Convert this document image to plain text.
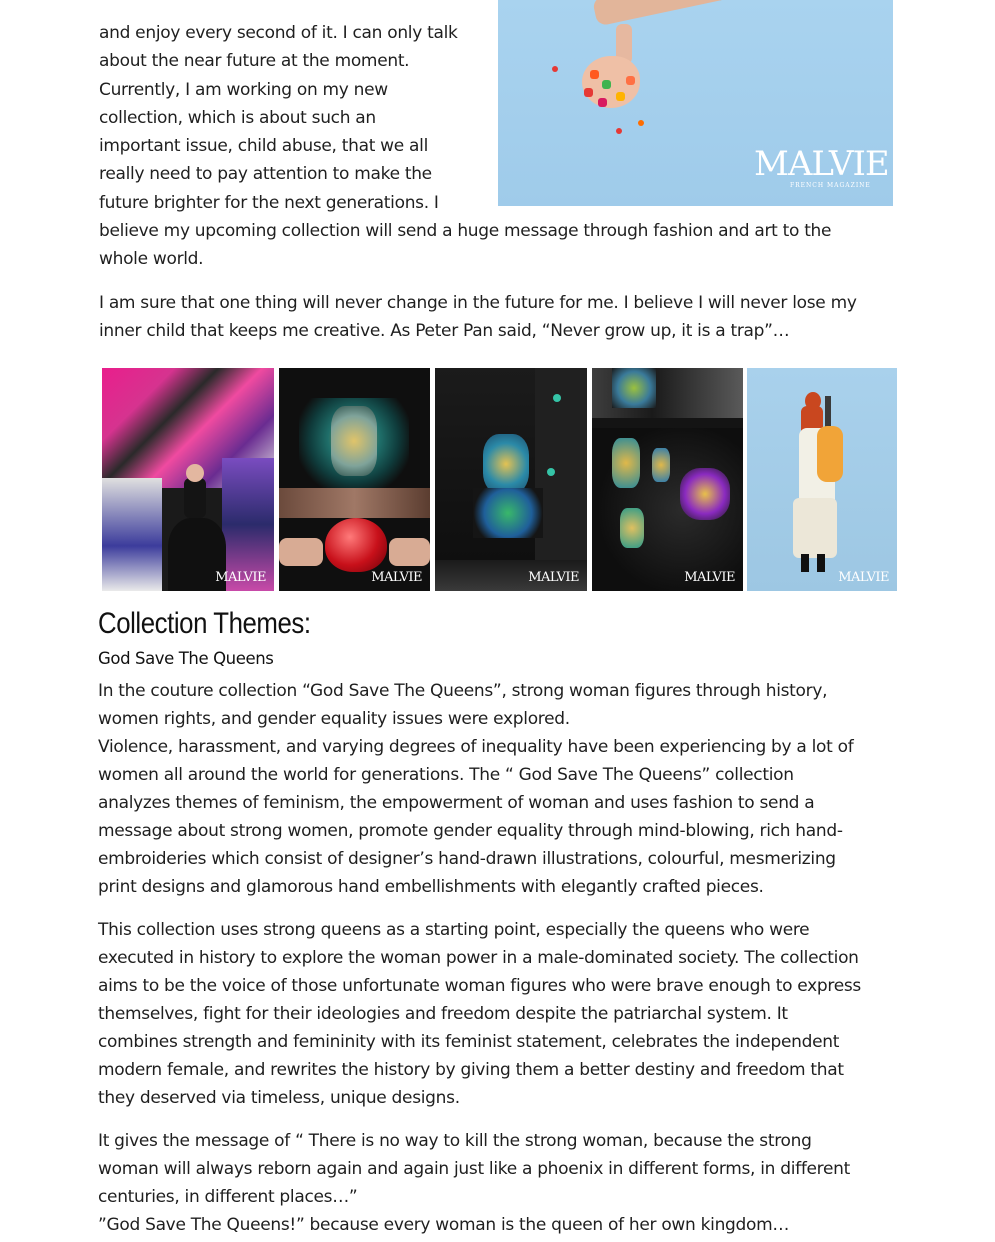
and enjoy every second of it. I can only talk
about the near future at the moment.
Currently, I am working on my new
collection, which is about such an
important issue, child abuse, that we all
really need to pay attention to make the
future brighter for the next generations. I
believe my upcoming collection will send a huge message through fashion and art to the
whole world.

MALVIE
FRENCH MAGAZINE

I am sure that one thing will never change in the future for me. I believe I will never lose my
inner child that keeps me creative. As Peter Pan said, “Never grow up, it is a trap”…

MALVIE	MALVIE	MALVIE	MALVIE	MALVIE
Collection Themes:
God Save The Queens

In the couture collection “God Save The Queens”, strong woman figures through history,
women rights, and gender equality issues were explored.
Violence, harassment, and varying degrees of inequality have been experiencing by a lot of
women all around the world for generations. The “ God Save The Queens” collection
analyzes themes of feminism, the empowerment of woman and uses fashion to send a
message about strong women, promote gender equality through mind-blowing, rich hand-
embroideries which consist of designer’s hand-drawn illustrations, colourful, mesmerizing
print designs and glamorous hand embellishments with elegantly crafted pieces.

This collection uses strong queens as a starting point, especially the queens who were
executed in history to explore the woman power in a male-dominated society. The collection
aims to be the voice of those unfortunate woman figures who were brave enough to express
themselves, fight for their ideologies and freedom despite the patriarchal system. It
combines strength and femininity with its feminist statement, celebrates the independent
modern female, and rewrites the history by giving them a better destiny and freedom that
they deserved via timeless, unique designs.

It gives the message of “ There is no way to kill the strong woman, because the strong
woman will always reborn again and again just like a phoenix in different forms, in different
centuries, in different places…”
”God Save The Queens!” because every woman is the queen of her own kingdom…
